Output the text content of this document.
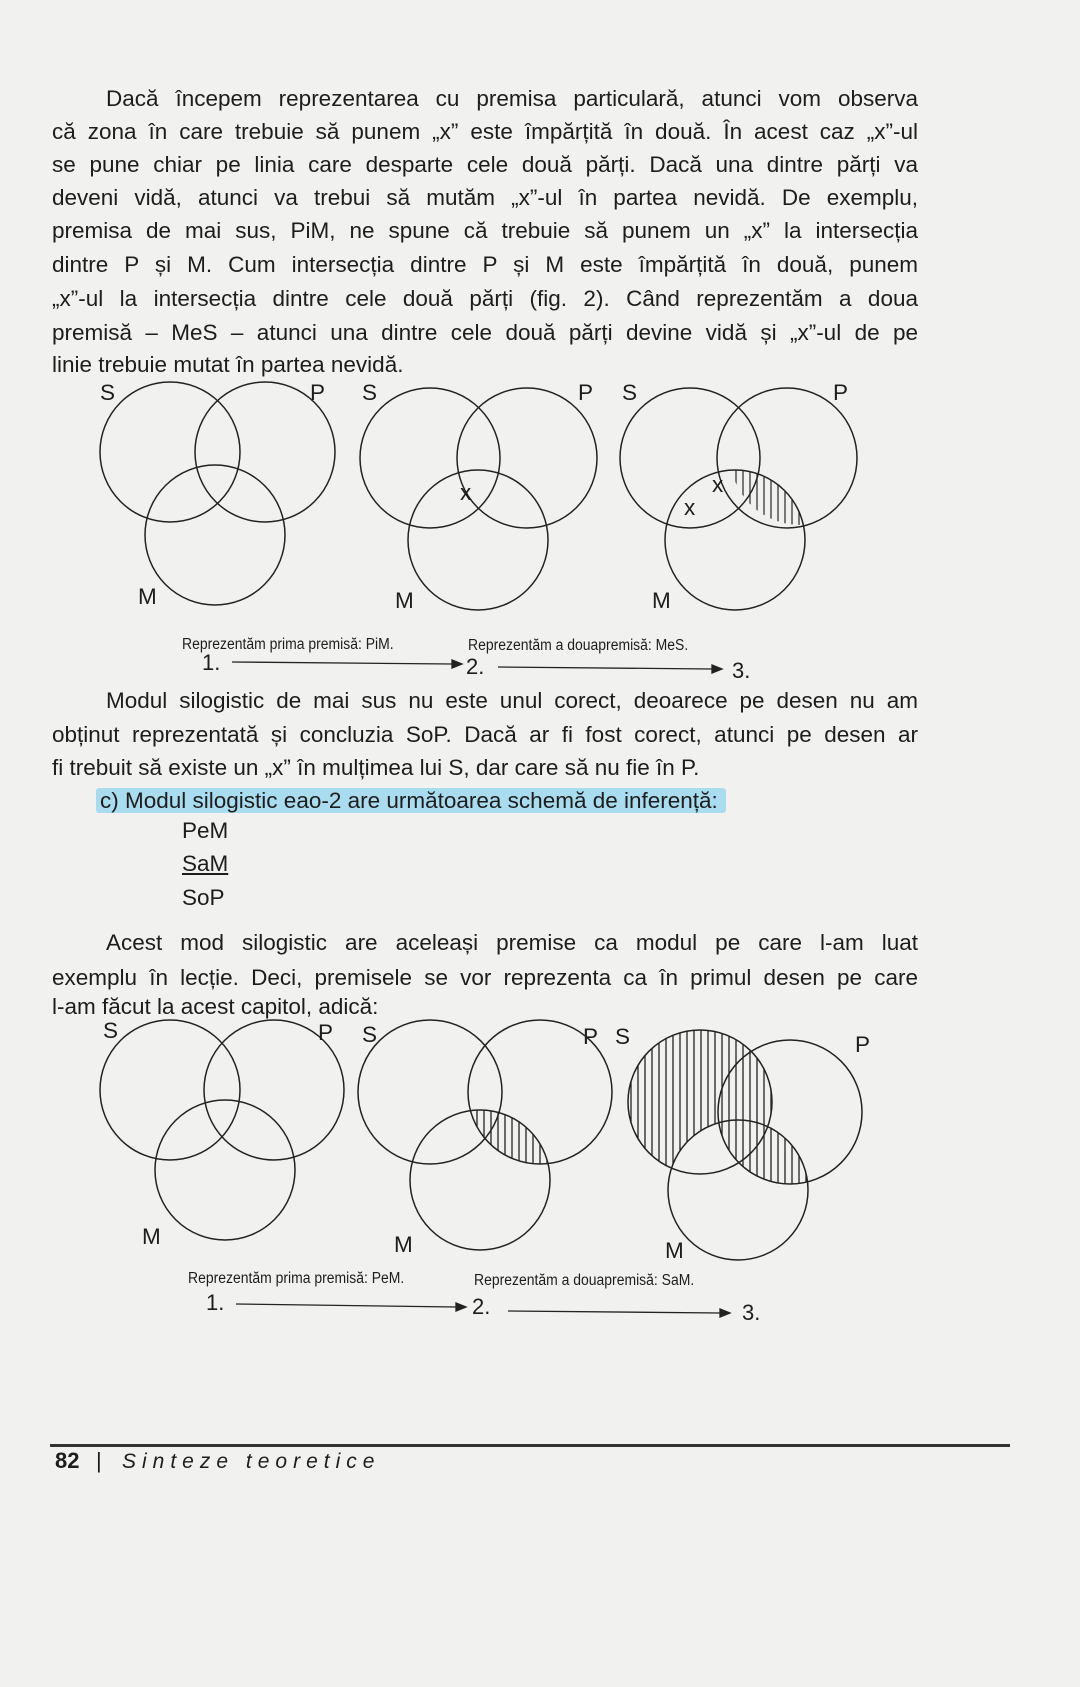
Dacă începem reprezentarea cu premisa particulară, atunci vom observa
că zona în care trebuie să punem „x” este împărțită în două. În acest caz „x”-ul
se pune chiar pe linia care desparte cele două părți. Dacă una dintre părți va
deveni vidă, atunci va trebui să mutăm „x”-ul în partea nevidă. De exemplu,
premisa de mai sus, PiM, ne spune că trebuie să punem un „x” la intersecția
dintre P și M. Cum intersecția dintre P și M este împărțită în două, punem
„x”-ul la intersecția dintre cele două părți (fig. 2). Când reprezentăm a doua
premisă – MeS – atunci una dintre cele două părți devine vidă și „x”-ul de pe
linie trebuie mutat în partea nevidă.
S	P
M
S	P
M
x
S	P
M
x
x
Reprezentăm prima premisă: PiM.	Reprezentăm a douapremisă: MeS.
1.	2.	3.
Modul silogistic de mai sus nu este unul corect, deoarece pe desen nu am
obținut reprezentată și concluzia SoP. Dacă ar fi fost corect, atunci pe desen ar
fi trebuit să existe un „x” în mulțimea lui S, dar care să nu fie în P.
c) Modul silogistic eao-2 are următoarea schemă de inferență:
PeM
SaM
SoP
Acest mod silogistic are aceleași premise ca modul pe care l-am luat
exemplu în lecție. Deci, premisele se vor reprezenta ca în primul desen pe care
l-am făcut la acest capitol, adică:
S	P
M
S	P
M
S	P
M
Reprezentăm prima premisă: PeM.	Reprezentăm a douapremisă: SaM.
1.	2.	3.
82 | Sinteze teoretice
